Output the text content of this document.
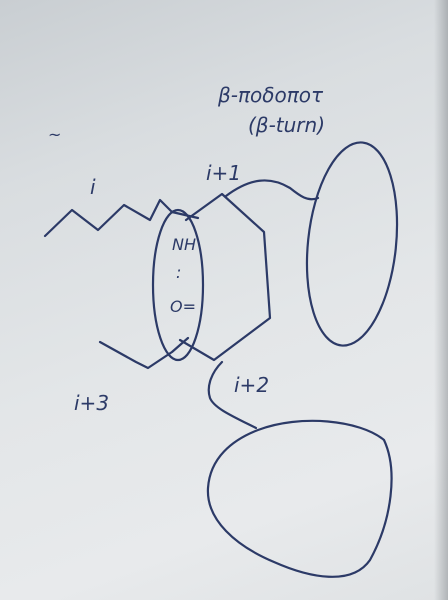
β-ποδοποτ
(β-turn)
~
i
i+1
i+2
i+3
NH
:
O=
